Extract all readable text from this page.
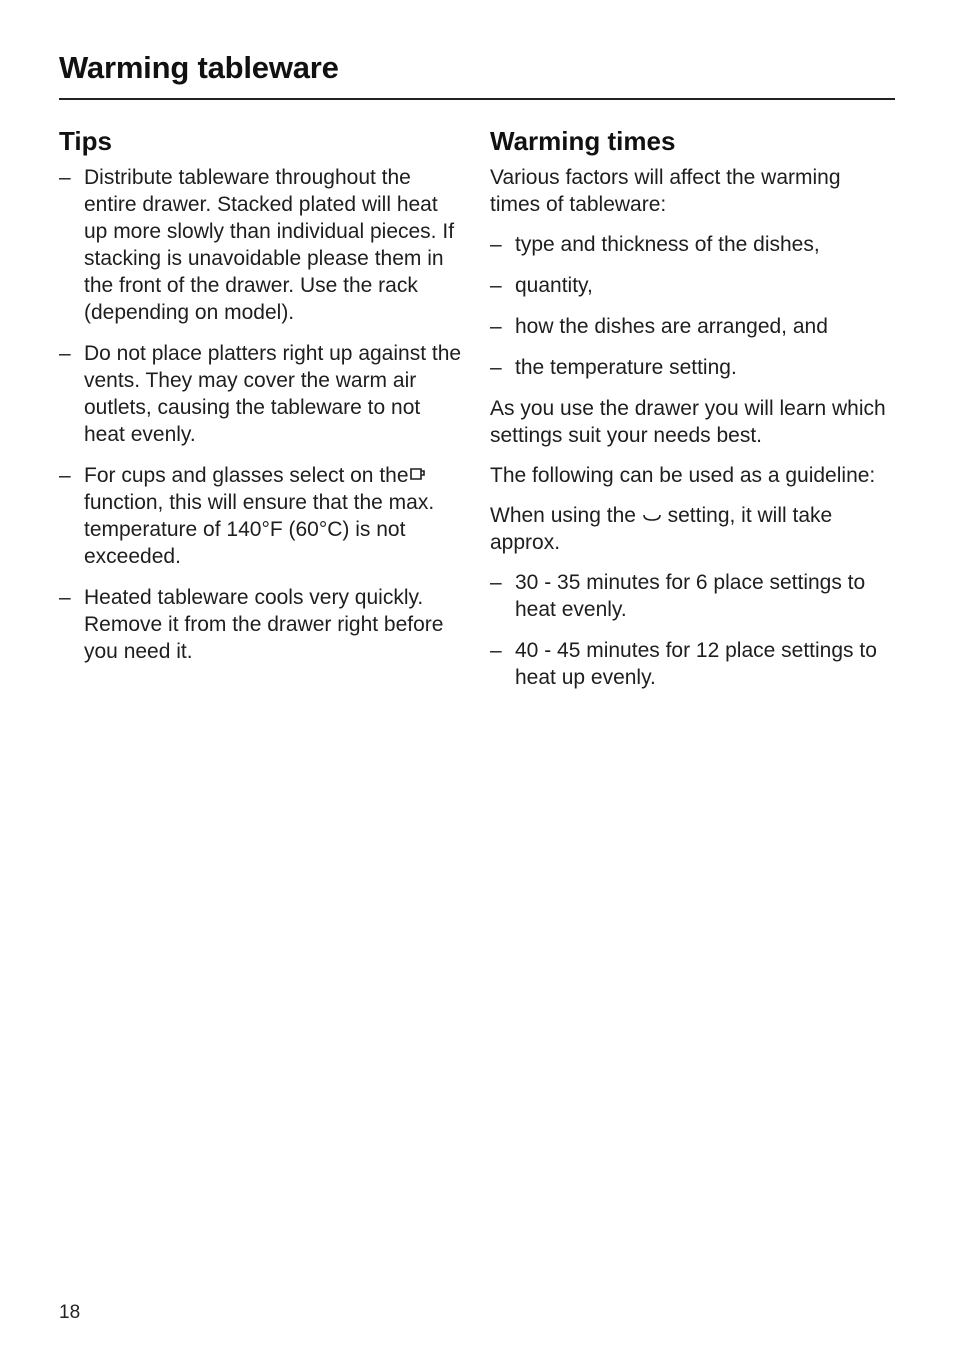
Warming tableware
Tips
– Distribute tableware throughout the entire drawer. Stacked plated will heat up more slowly than individual pieces. If stacking is unavoidable please them in the front of the drawer. Use the rack (depending on model).
– Do not place platters right up against the vents. They may cover the warm air outlets, causing the tableware to not heat evenly.
– For cups and glasses select on the function, this will ensure that the max. temperature of 140°F (60°C) is not exceeded.
– Heated tableware cools very quickly. Remove it from the drawer right before you need it.
Warming times

Various factors will affect the warming times of tableware:

– type and thickness of the dishes,
– quantity,
– how the dishes are arranged, and
– the temperature setting.

As you use the drawer you will learn which settings suit your needs best.

The following can be used as a guideline:

When using the setting, it will take approx.

– 30 - 35 minutes for 6 place settings to heat evenly.
– 40 - 45 minutes for 12 place settings to heat up evenly.
18
